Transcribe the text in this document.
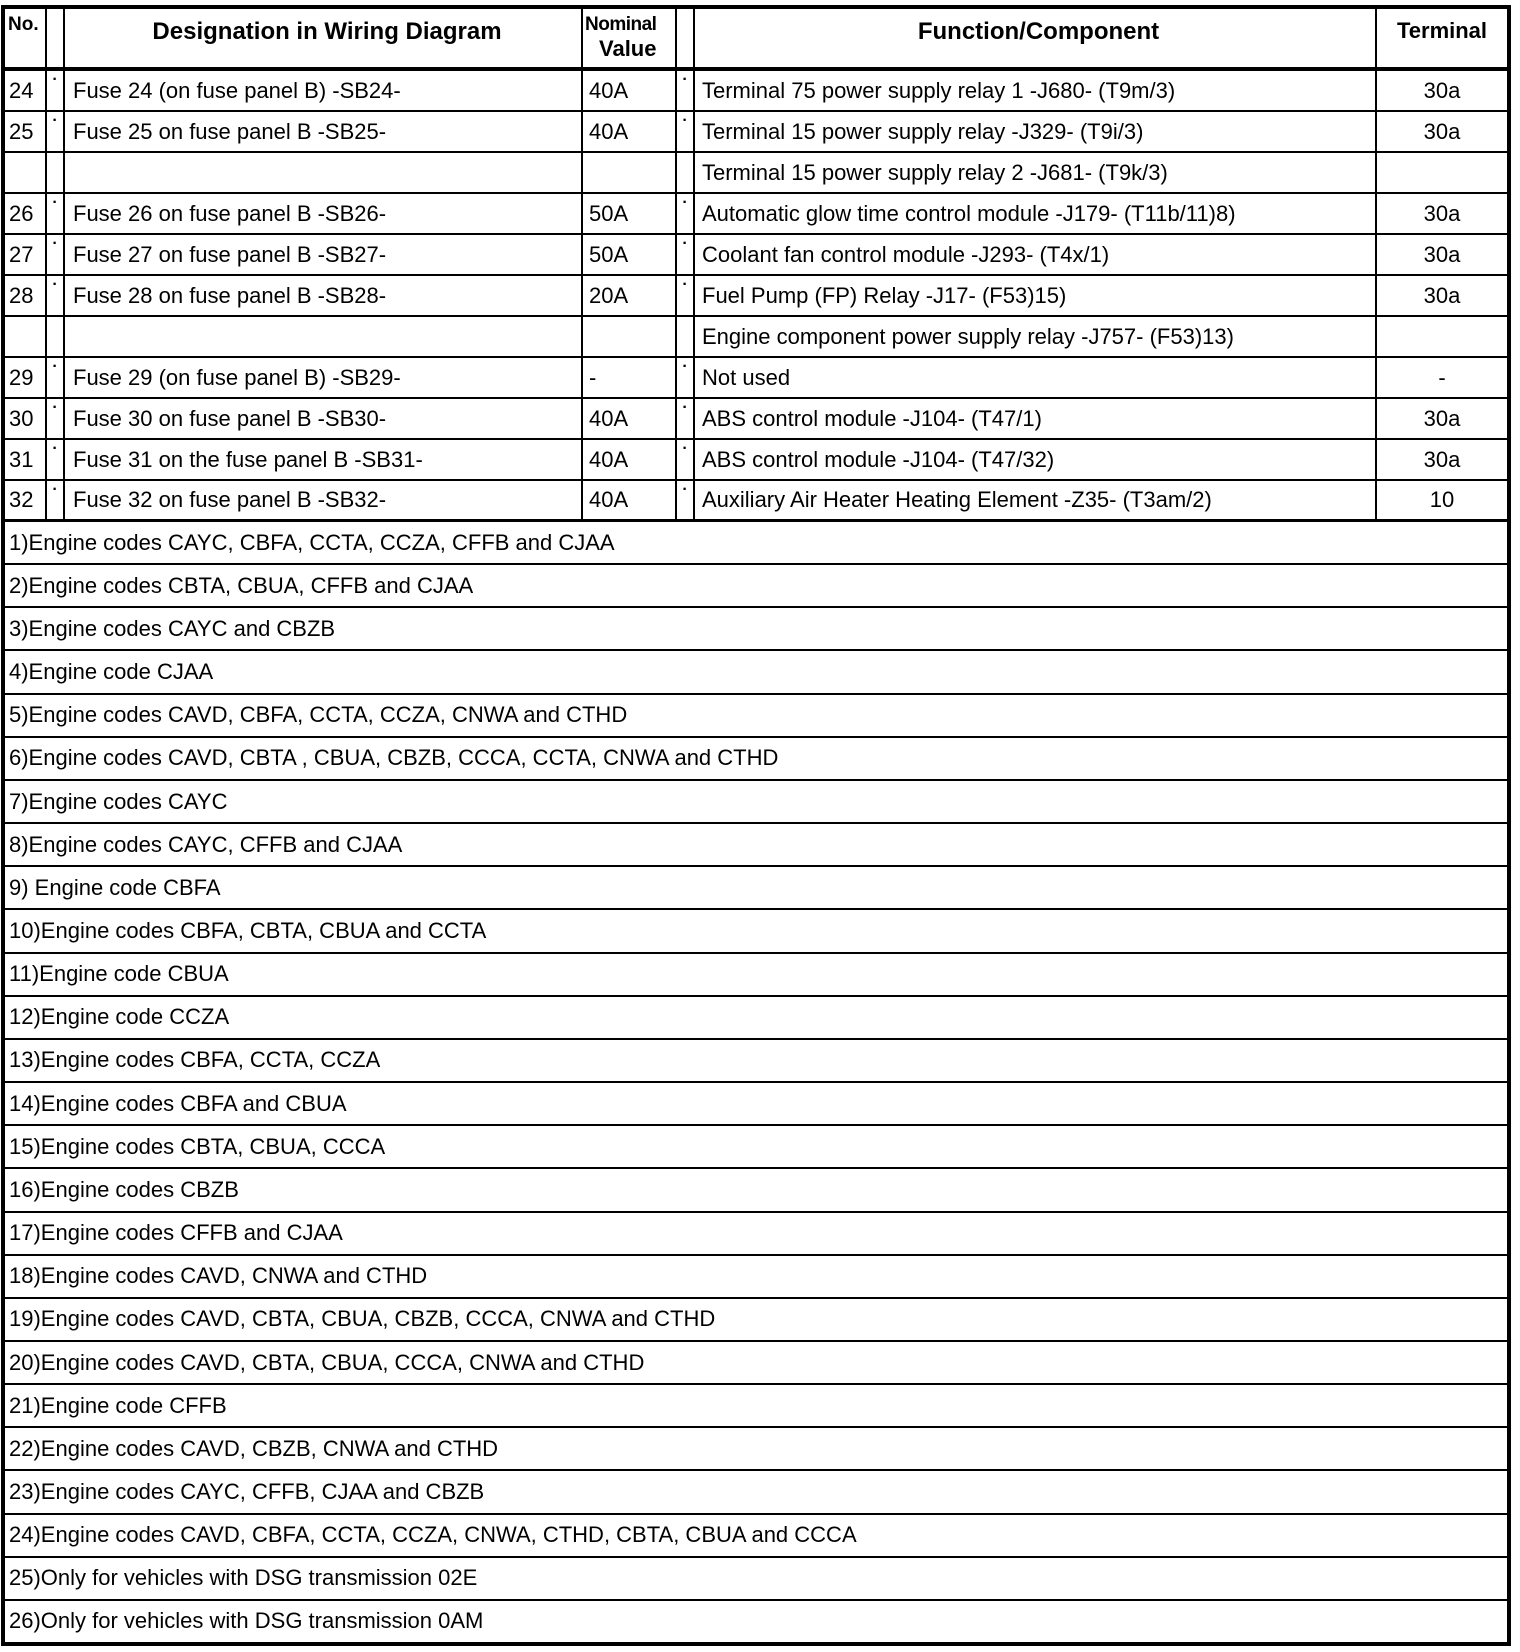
No.	Designation in Wiring Diagram	Nominal
Value
Function/Component	Terminal
24	· Fuse 24 (on fuse panel B) -SB24-	40A	· Terminal 75 power supply relay 1 -J680- (T9m/3)	30a
25	· Fuse 25 on fuse panel B -SB25-	40A	· Terminal 15 power supply relay -J329- (T9i/3)	30a
Terminal 15 power supply relay 2 -J681- (T9k/3)
26	· Fuse 26 on fuse panel B -SB26-	50A	· Automatic glow time control module -J179- (T11b/11)8)	30a
27	· Fuse 27 on fuse panel B -SB27-	50A	· Coolant fan control module -J293- (T4x/1)	30a
28	· Fuse 28 on fuse panel B -SB28-	20A	· Fuel Pump (FP) Relay -J17- (F53)15)	30a
Engine component power supply relay -J757- (F53)13)
29	· Fuse 29 (on fuse panel B) -SB29-	-	· Not used	-
30	· Fuse 30 on fuse panel B -SB30-	40A	· ABS control module -J104- (T47/1)	30a
31	· Fuse 31 on the fuse panel B -SB31-	40A	· ABS control module -J104- (T47/32)	30a
32	· Fuse 32 on fuse panel B -SB32-	40A	· Auxiliary Air Heater Heating Element -Z35- (T3am/2)	10
1)Engine codes CAYC, CBFA, CCTA, CCZA, CFFB and CJAA
2)Engine codes CBTA, CBUA, CFFB and CJAA
3)Engine codes CAYC and CBZB
4)Engine code CJAA
5)Engine codes CAVD, CBFA, CCTA, CCZA, CNWA and CTHD
6)Engine codes CAVD, CBTA , CBUA, CBZB, CCCA, CCTA, CNWA and CTHD
7)Engine codes CAYC
8)Engine codes CAYC, CFFB and CJAA
9) Engine code CBFA
10)Engine codes CBFA, CBTA, CBUA and CCTA
11)Engine code CBUA
12)Engine code CCZA
13)Engine codes CBFA, CCTA, CCZA
14)Engine codes CBFA and CBUA
15)Engine codes CBTA, CBUA, CCCA
16)Engine codes CBZB
17)Engine codes CFFB and CJAA
18)Engine codes CAVD, CNWA and CTHD
19)Engine codes CAVD, CBTA, CBUA, CBZB, CCCA, CNWA and CTHD
20)Engine codes CAVD, CBTA, CBUA, CCCA, CNWA and CTHD
21)Engine code CFFB
22)Engine codes CAVD, CBZB, CNWA and CTHD
23)Engine codes CAYC, CFFB, CJAA and CBZB
24)Engine codes CAVD, CBFA, CCTA, CCZA, CNWA, CTHD, CBTA, CBUA and CCCA
25)Only for vehicles with DSG transmission 02E
26)Only for vehicles with DSG transmission 0AM
